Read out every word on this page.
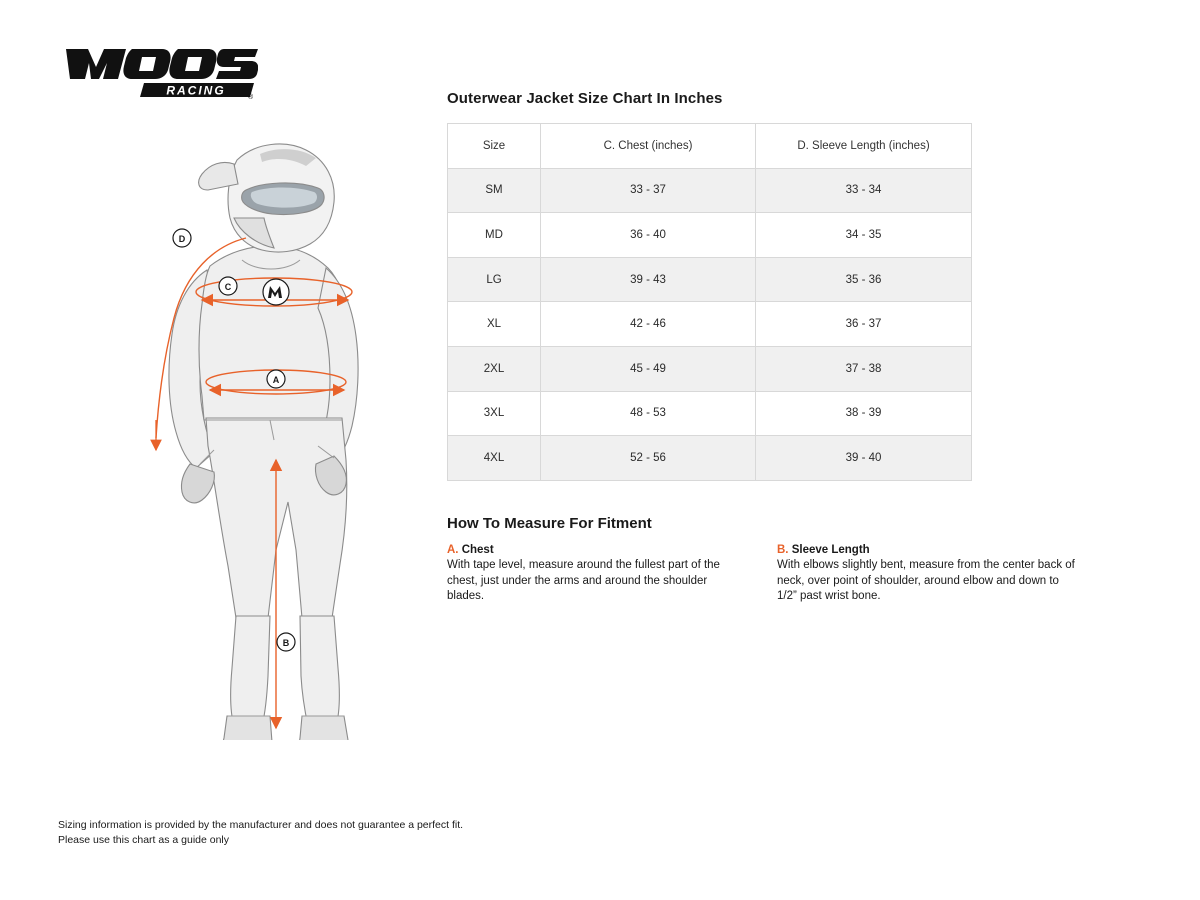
RACING	®
D
C
A
B
Outerwear Jacket Size Chart In Inches
Size	C. Chest (inches)	D. Sleeve Length (inches)
SM	33 - 37	33 - 34
MD	36 - 40	34 - 35
LG	39 - 43	35 - 36
XL	42 - 46	36 - 37
2XL	45 - 49	37 - 38
3XL	48 - 53	38 - 39
4XL	52 - 56	39 - 40
How To Measure For Fitment
A. Chest
With tape level, measure around the fullest part of the chest, just under the arms and around the shoulder blades.
B. Sleeve Length
With elbows slightly bent, measure from the center back of neck, over point of shoulder, around elbow and down to 1/2” past wrist bone.
Sizing information is provided by the manufacturer and does not guarantee a perfect fit.
Please use this chart as a guide only
